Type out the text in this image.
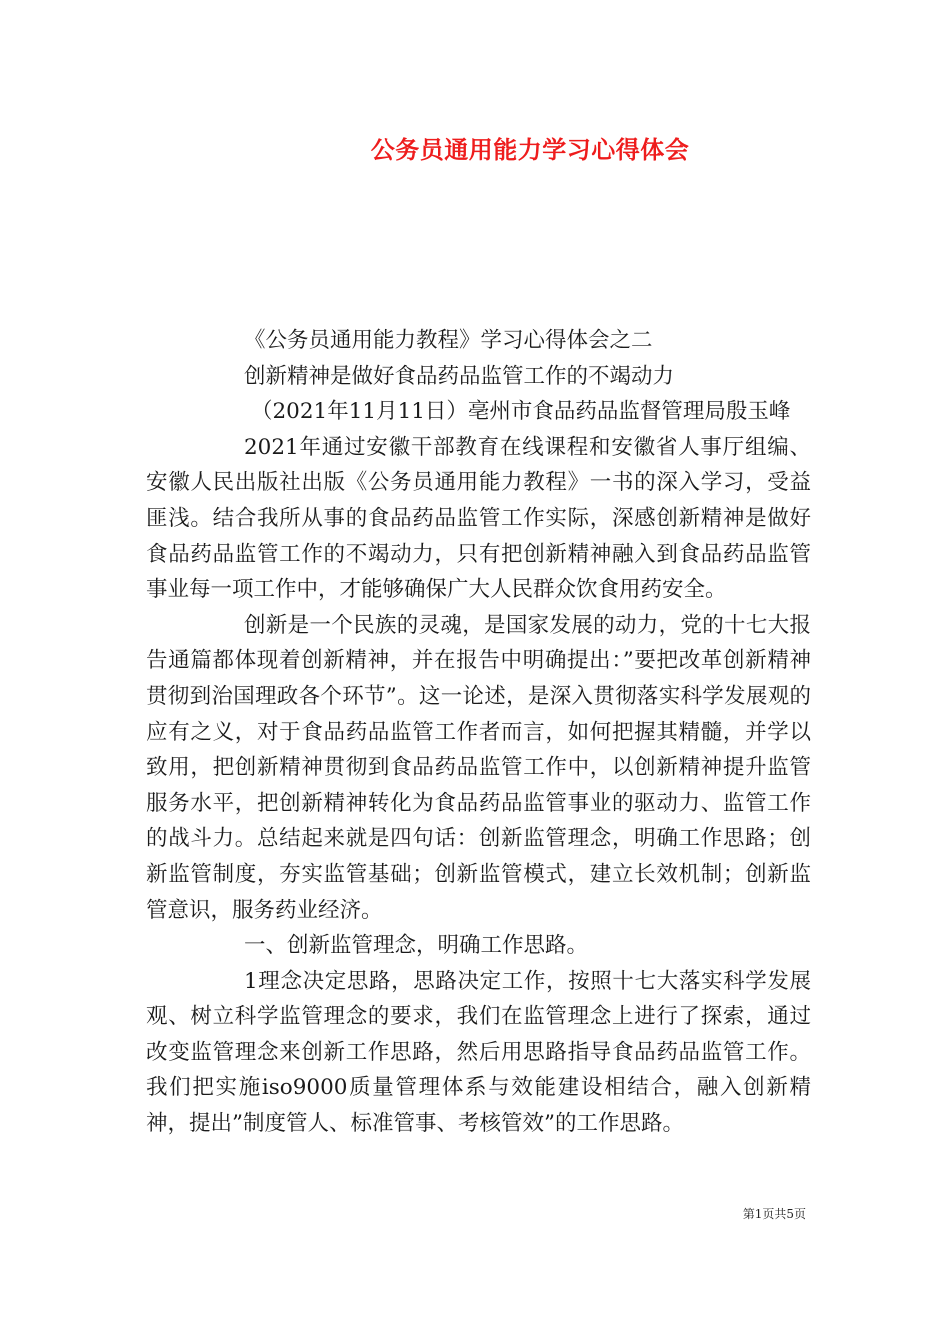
公务员通用能力学习心得体会

《公务员通用能力教程》学习心得体会之二

创新精神是做好食品药品监管工作的不竭动力

（2021年11月11日）亳州市食品药品监督管理局殷玉峰

2021年通过安徽干部教育在线课程和安徽省人事厅组编、安徽人民出版社出版《公务员通用能力教程》一书的深入学习，受益匪浅。结合我所从事的食品药品监管工作实际，深感创新精神是做好食品药品监管工作的不竭动力，只有把创新精神融入到食品药品监管事业每一项工作中，才能够确保广大人民群众饮食用药安全。

创新是一个民族的灵魂，是国家发展的动力，党的十七大报告通篇都体现着创新精神，并在报告中明确提出：”要把改革创新精神贯彻到治国理政各个环节”。这一论述，是深入贯彻落实科学发展观的应有之义，对于食品药品监管工作者而言，如何把握其精髓，并学以致用，把创新精神贯彻到食品药品监管工作中，以创新精神提升监管服务水平，把创新精神转化为食品药品监管事业的驱动力、监管工作的战斗力。总结起来就是四句话：创新监管理念，明确工作思路；创新监管制度，夯实监管基础；创新监管模式，建立长效机制；创新监管意识，服务药业经济。

一、创新监管理念，明确工作思路。

1理念决定思路，思路决定工作，按照十七大落实科学发展观、树立科学监管理念的要求，我们在监管理念上进行了探索，通过改变监管理念来创新工作思路，然后用思路指导食品药品监管工作。我们把实施iso9000质量管理体系与效能建设相结合，融入创新精神，提出”制度管人、标准管事、考核管效”的工作思路。

第1页共5页
